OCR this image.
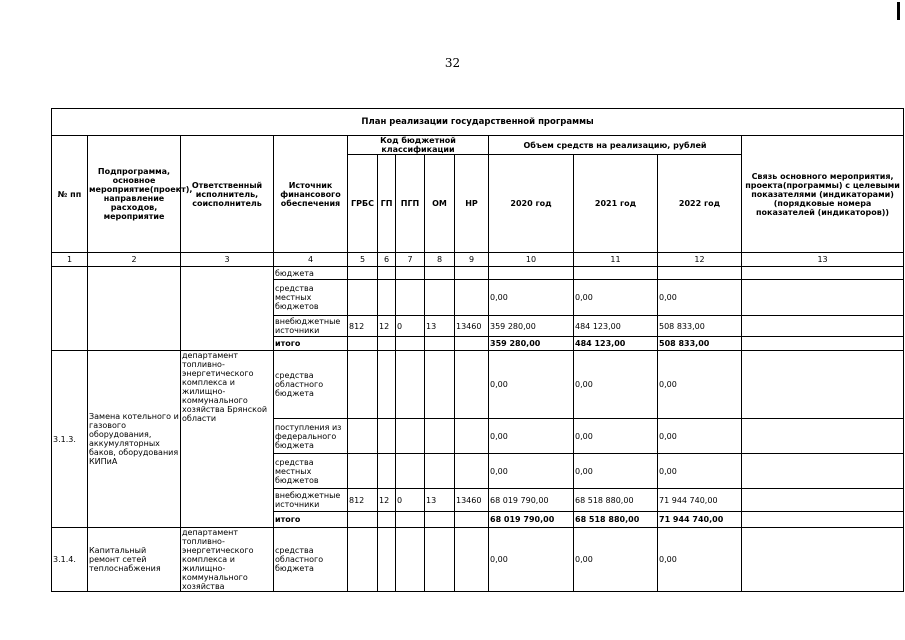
32
План реализации государственной программы												
№ пп	Подпрограмма, основное мероприятие(проект), направление расходов, мероприятие	Ответственный исполнитель, соисполнитель	Источник финансового обеспечения	Код бюджетной классификации					Объем средств на реализацию, рублей			Связь основного мероприятия, проекта(программы) с целевыми показателями (индикаторами) (порядковые номера показателей (индикаторов))
				ГРБС	ГП	ПГП	ОМ	НР	2020 год	2021 год	2022 год	
1	2	3	4	5	6	7	8	9	10	11	12	13
			бюджета									
			средства местных бюджетов						0,00	0,00	0,00	
			внебюджетные источники	812	12	0	13	13460	359 280,00	484 123,00	508 833,00	
			итого						359 280,00	484 123,00	508 833,00	
3.1.3.	Замена котельного и газового оборудования, аккумуляторных баков, оборудования КИПиА	департамент топливно-энергетического комплекса и жилищно-коммунального хозяйства Брянской области	средства областного бюджета						0,00	0,00	0,00	
			поступления из федерального бюджета						0,00	0,00	0,00	
			средства местных бюджетов						0,00	0,00	0,00	
			внебюджетные источники	812	12	0	13	13460	68 019 790,00	68 518 880,00	71 944 740,00	
			итого						68 019 790,00	68 518 880,00	71 944 740,00	
3.1.4.	Капитальный ремонт сетей теплоснабжения	департамент топливно-энергетического комплекса и жилищно-коммунального хозяйства	средства областного бюджета						0,00	0,00	0,00	
